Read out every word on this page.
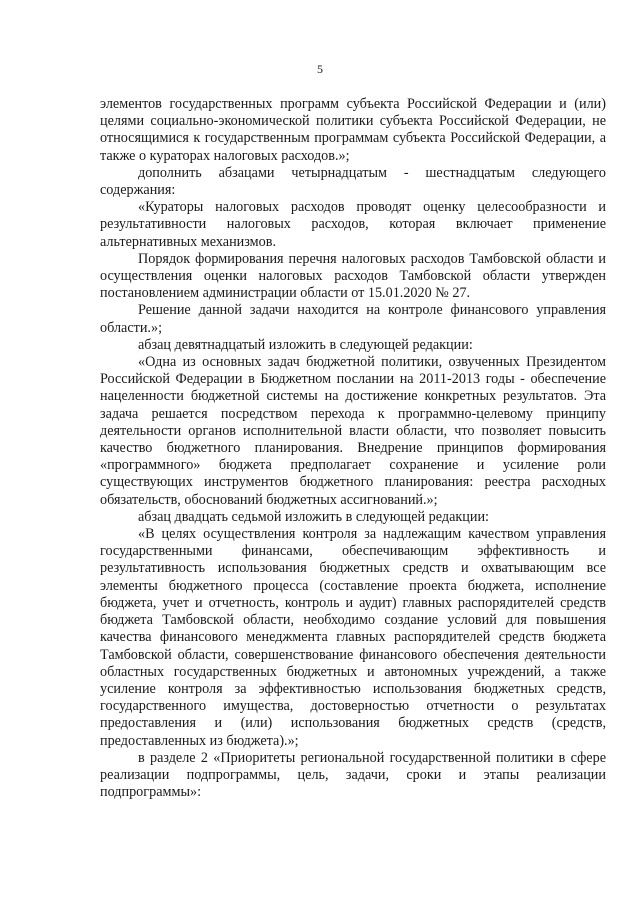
5

элементов государственных программ субъекта Российской Федерации и (или) целями социально-экономической политики субъекта Российской Федерации, не относящимися к государственным программам субъекта Российской Федерации, а также о кураторах налоговых расходов.»;

дополнить абзацами четырнадцатым - шестнадцатым следующего содержания:

«Кураторы налоговых расходов проводят оценку целесообразности и результативности налоговых расходов, которая включает применение альтернативных механизмов.

Порядок формирования перечня налоговых расходов Тамбовской области и осуществления оценки налоговых расходов Тамбовской области утвержден постановлением администрации области от 15.01.2020 № 27.

Решение данной задачи находится на контроле финансового управления области.»;

абзац девятнадцатый изложить в следующей редакции:

«Одна из основных задач бюджетной политики, озвученных Президентом Российской Федерации в Бюджетном послании на 2011-2013 годы - обеспечение нацеленности бюджетной системы на достижение конкретных результатов. Эта задача решается посредством перехода к программно-целевому принципу деятельности органов исполнительной власти области, что позволяет повысить качество бюджетного планирования. Внедрение принципов формирования «программного» бюджета предполагает сохранение и усиление роли существующих инструментов бюджетного планирования: реестра расходных обязательств, обоснований бюджетных ассигнований.»;

абзац двадцать седьмой изложить в следующей редакции:

«В целях осуществления контроля за надлежащим качеством управления государственными финансами, обеспечивающим эффективность и результативность использования бюджетных средств и охватывающим все элементы бюджетного процесса (составление проекта бюджета, исполнение бюджета, учет и отчетность, контроль и аудит) главных распорядителей средств бюджета Тамбовской области, необходимо создание условий для повышения качества финансового менеджмента главных распорядителей средств бюджета Тамбовской области, совершенствование финансового обеспечения деятельности областных государственных бюджетных и автономных учреждений, а также усиление контроля за эффективностью использования бюджетных средств, государственного имущества, достоверностью отчетности о результатах предоставления и (или) использования бюджетных средств (средств, предоставленных из бюджета).»;

в разделе 2 «Приоритеты региональной государственной политики в сфере реализации подпрограммы, цель, задачи, сроки и этапы реализации подпрограммы»:
